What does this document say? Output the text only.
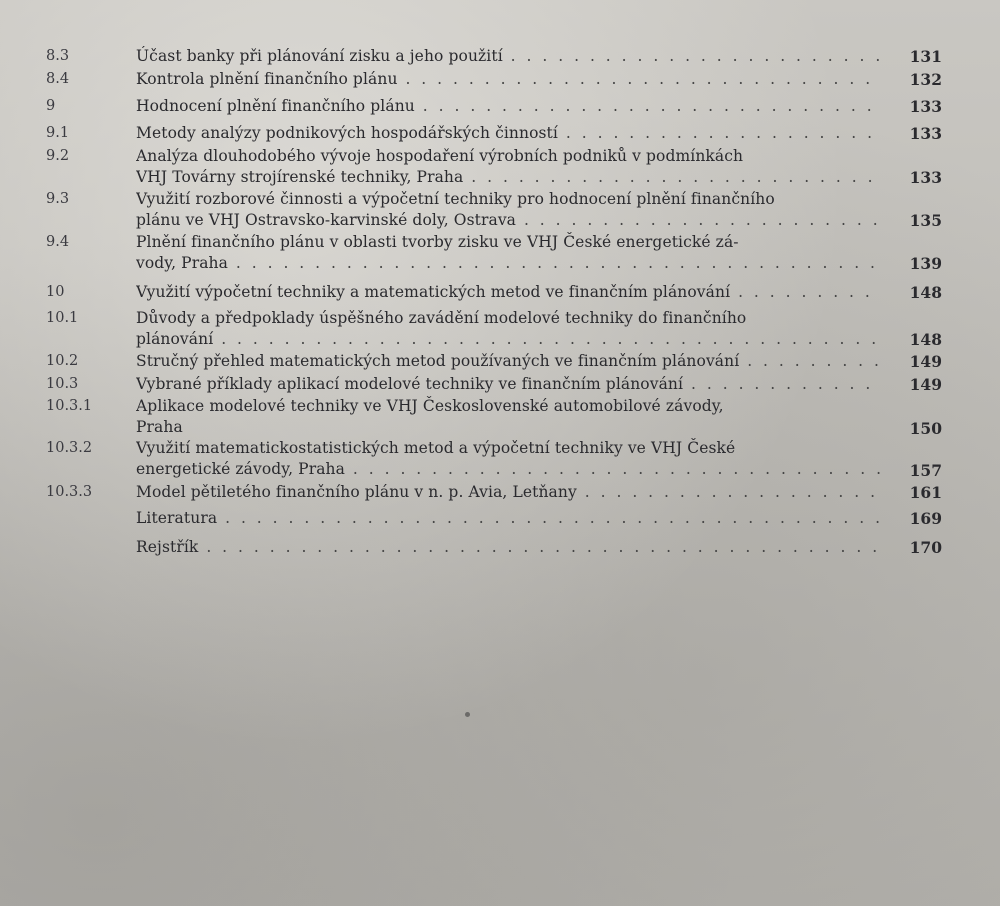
8.3	Účast banky při plánování zisku a jeho použití . . .	131
8.4	Kontrola plnění finančního plánu . . .	132
9	Hodnocení plnění finančního plánu . . .	133
9.1	Metody analýzy podnikových hospodářských činností . . .	133
9.2	Analýza dlouhodobého vývoje hospodaření výrobních podniků v podmínkách
VHJ Továrny strojírenské techniky, Praha . . .	133
9.3	Využití rozborové činnosti a výpočetní techniky pro hodnocení plnění finančního
plánu ve VHJ Ostravsko-karvinské doly, Ostrava . . .	135
9.4	Plnění finančního plánu v oblasti tvorby zisku ve VHJ České energetické zá-
vody, Praha . . .	139
10	Využití výpočetní techniky a matematických metod ve finančním plánování . . .	148
10.1	Důvody a předpoklady úspěšného zavádění modelové techniky do finančního
plánování . . .	148
10.2	Stručný přehled matematických metod používaných ve finančním plánování . . .	149
10.3	Vybrané příklady aplikací modelové techniky ve finančním plánování . . .	149
10.3.1	Aplikace modelové techniky ve VHJ Československé automobilové závody,
Praha	150
10.3.2	Využití matematickostatistických metod a výpočetní techniky ve VHJ České
energetické závody, Praha . . .	157
10.3.3	Model pětiletého finančního plánu v n. p. Avia, Letňany . . .	161
Literatura . . .	169
Rejstřík . . .	170
